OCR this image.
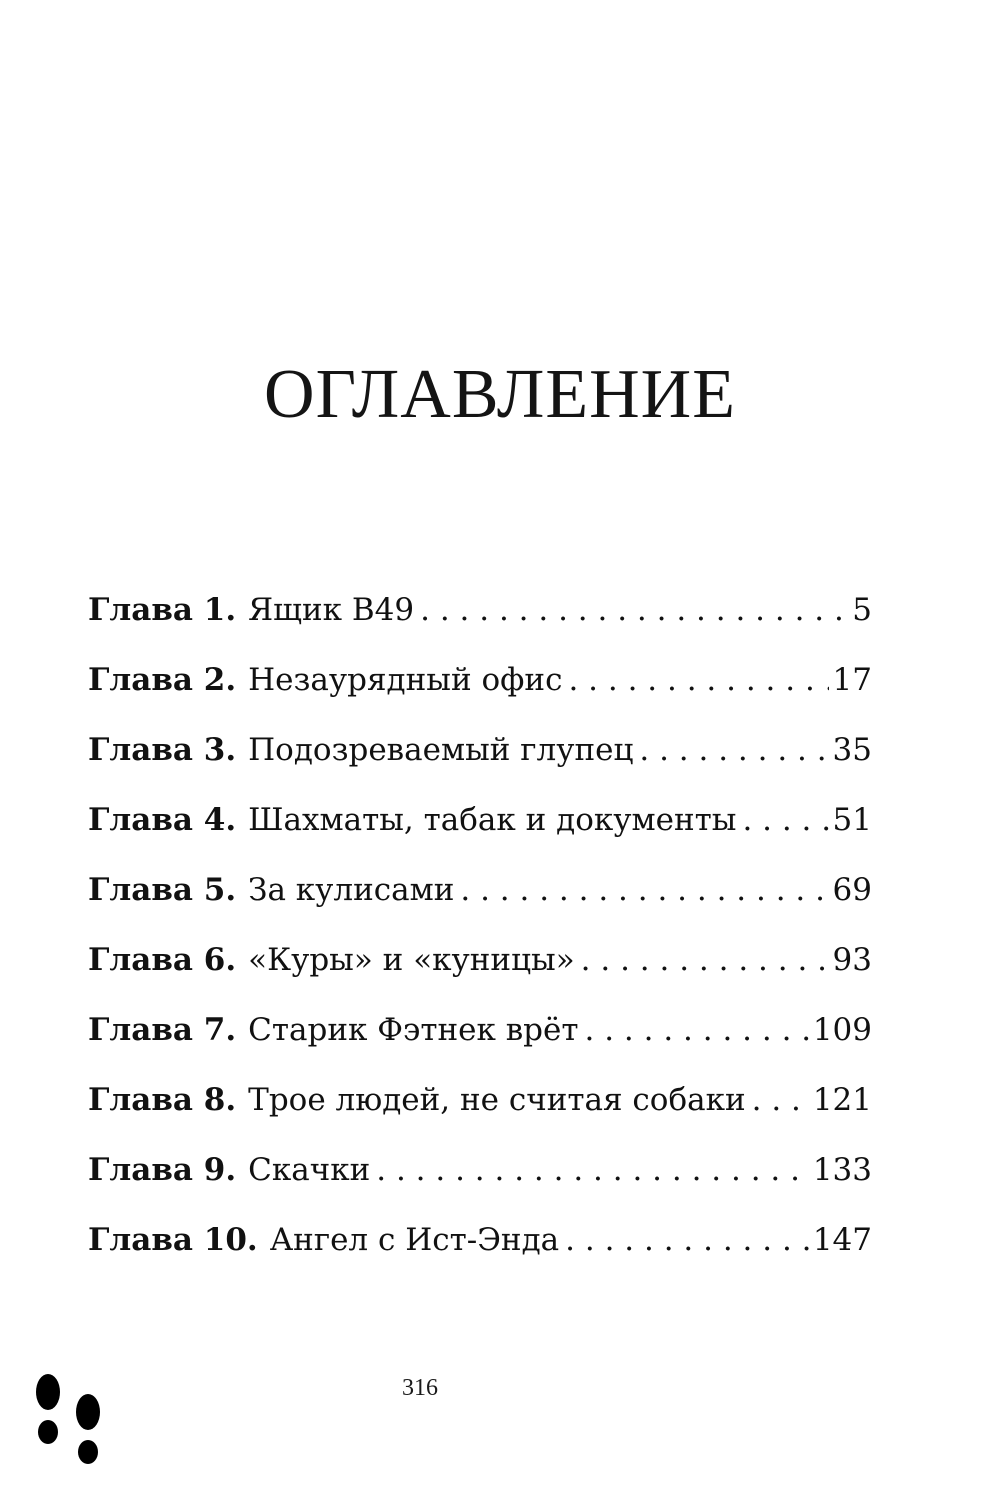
ОГЛАВЛЕНИЕ
Глава 1. Ящик B49 . . .	5
Глава 2. Незаурядный офис . . .	17
Глава 3. Подозреваемый глупец . . .	35
Глава 4. Шахматы, табак и документы . . .	51
Глава 5. За кулисами . . .	69
Глава 6. «Куры» и «куницы» . . .	93
Глава 7. Старик Фэтнек врёт . . .	109
Глава 8. Трое людей, не считая собаки . . . 121
Глава 9. Скачки . . .	133
Глава 10. Ангел с Ист-Энда . . .	147
316
